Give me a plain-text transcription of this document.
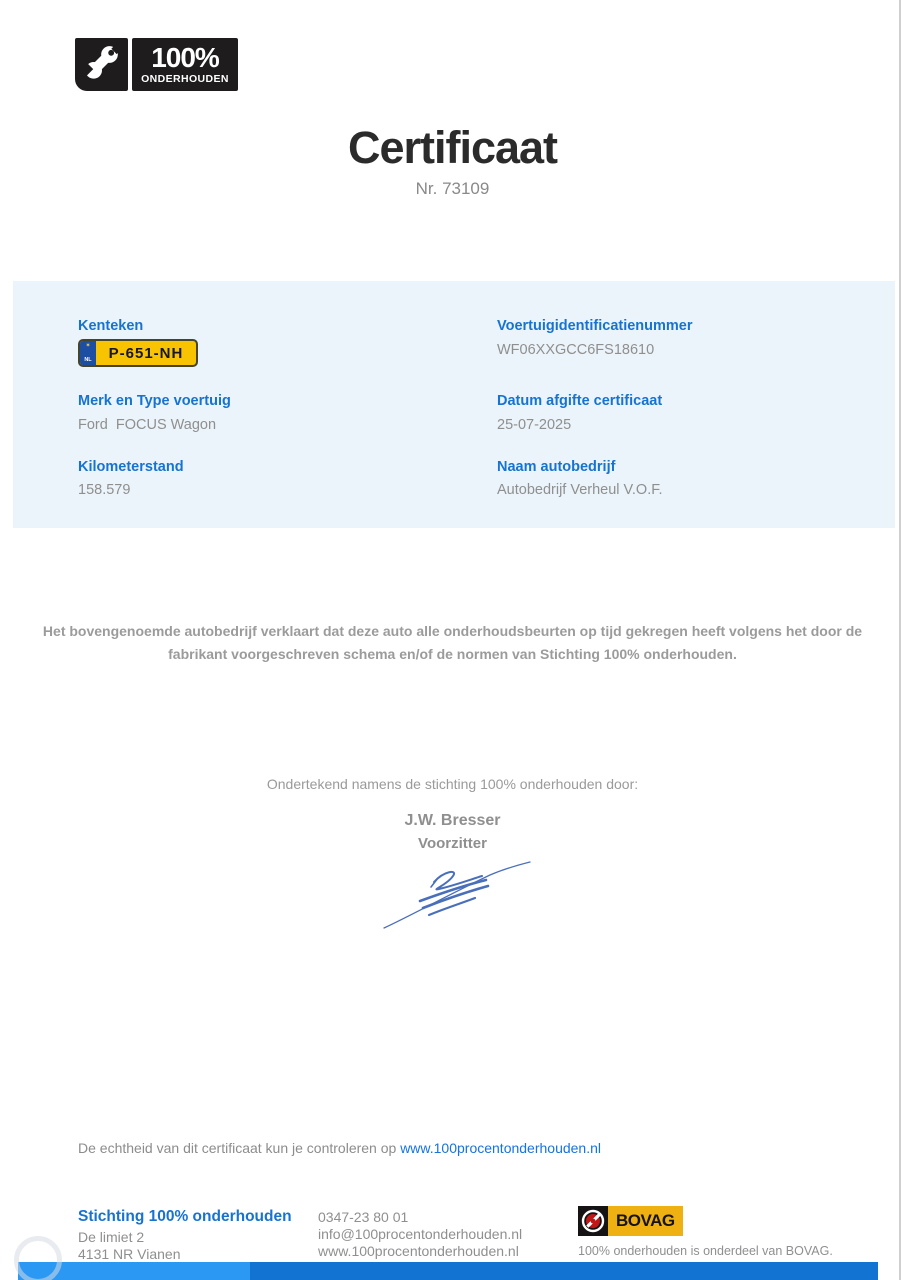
100%
ONDERHOUDEN
Certificaat
Nr. 73109
Kenteken	Voertuigidentificatienummer
WF06XXGCC6FS18610
Merk en Type voertuig
Ford  FOCUS Wagon
Datum afgifte certificaat
25-07-2025
Kilometerstand
158.579
Naam autobedrijf
Autobedrijf Verheul V.O.F.
✶
NL	P-651-NH
Het bovengenoemde autobedrijf verklaart dat deze auto alle onderhoudsbeurten op tijd gekregen heeft volgens het door de fabrikant voorgeschreven schema en/of de normen van Stichting 100% onderhouden.
Ondertekend namens de stichting 100% onderhouden door:
J.W. Bresser
Voorzitter
De echtheid van dit certificaat kun je controleren op www.100procentonderhouden.nl
Stichting 100% onderhouden
De limiet 2
4131 NR Vianen
0347-23 80 01
info@100procentonderhouden.nl
www.100procentonderhouden.nl
BOVAG
100% onderhouden is onderdeel van BOVAG.
